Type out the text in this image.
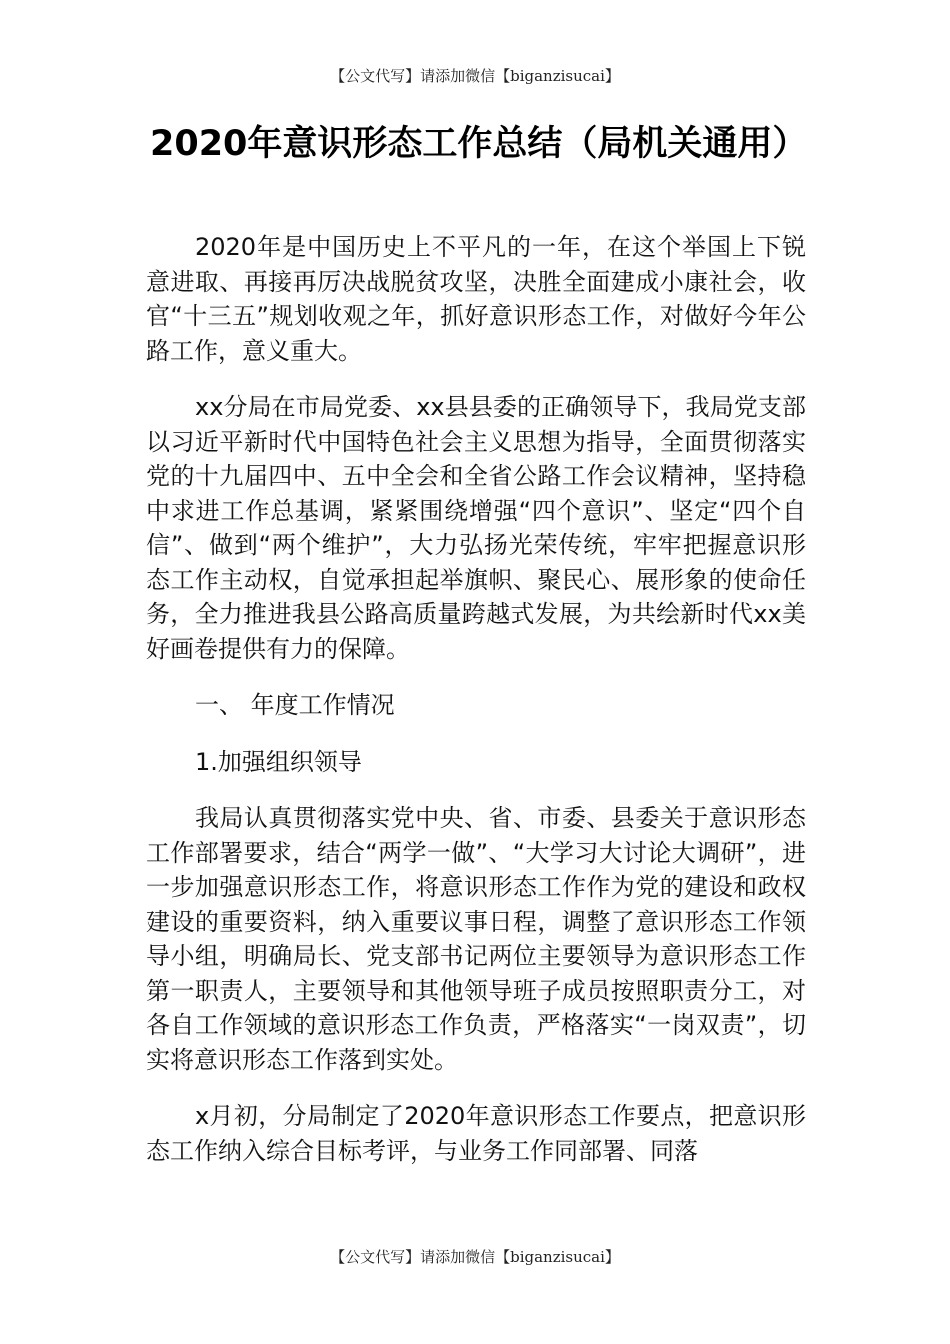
【公文代写】请添加微信【biganzisucai】
2020年意识形态工作总结（局机关通用）

2020年是中国历史上不平凡的一年，在这个举国上下锐意进取、再接再厉决战脱贫攻坚，决胜全面建成小康社会，收官“十三五”规划收观之年，抓好意识形态工作，对做好今年公路工作，意义重大。

xx分局在市局党委、xx县县委的正确领导下，我局党支部以习近平新时代中国特色社会主义思想为指导，全面贯彻落实党的十九届四中、五中全会和全省公路工作会议精神，坚持稳中求进工作总基调，紧紧围绕增强“四个意识”、坚定“四个自信”、做到“两个维护”，大力弘扬光荣传统，牢牢把握意识形态工作主动权，自觉承担起举旗帜、聚民心、展形象的使命任务，全力推进我县公路高质量跨越式发展，为共绘新时代xx美好画卷提供有力的保障。

一、 年度工作情况

1.加强组织领导

我局认真贯彻落实党中央、省、市委、县委关于意识形态工作部署要求，结合“两学一做”、“大学习大讨论大调研”，进一步加强意识形态工作，将意识形态工作作为党的建设和政权建设的重要资料，纳入重要议事日程，调整了意识形态工作领导小组，明确局长、党支部书记两位主要领导为意识形态工作第一职责人，主要领导和其他领导班子成员按照职责分工，对各自工作领域的意识形态工作负责，严格落实“一岗双责”，切实将意识形态工作落到实处。

x月初，分局制定了2020年意识形态工作要点，把意识形态工作纳入综合目标考评，与业务工作同部署、同落

【公文代写】请添加微信【biganzisucai】
